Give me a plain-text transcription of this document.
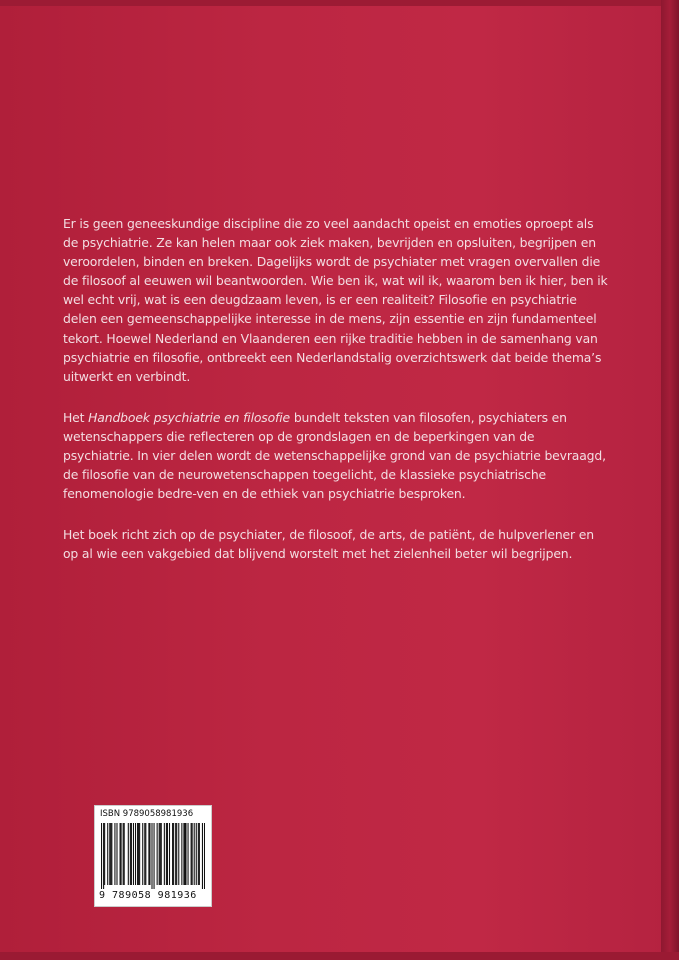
Er is geen geneeskundige discipline die zo veel aandacht opeist en emoties oproept als de psychiatrie. Ze kan helen maar ook ziek maken, bevrijden en opsluiten, begrijpen en veroordelen, binden en breken. Dagelijks wordt de psychiater met vragen overvallen die de filosoof al eeuwen wil beantwoorden. Wie ben ik, wat wil ik, waarom ben ik hier, ben ik wel echt vrij, wat is een deugdzaam leven, is er een realiteit? Filosofie en psychiatrie delen een gemeenschappelijke interesse in de mens, zijn essentie en zijn fundamenteel tekort. Hoewel Nederland en Vlaanderen een rijke traditie hebben in de samenhang van psychiatrie en filosofie, ontbreekt een Nederlandstalig overzichtswerk dat beide thema’s uitwerkt en verbindt.

Het Handboek psychiatrie en filosofie bundelt teksten van filosofen, psychiaters en wetenschappers die reflecteren op de grondslagen en de beperkingen van de psychiatrie. In vier delen wordt de wetenschappelijke grond van de psychiatrie bevraagd, de filosofie van de neurowetenschappen toegelicht, de klassieke psychiatrische fenomenologie bedre-ven en de ethiek van psychiatrie besproken.

Het boek richt zich op de psychiater, de filosoof, de arts, de patiënt, de hulpverlener en op al wie een vakgebied dat blijvend worstelt met het zielenheil beter wil begrijpen.

ISBN 9789058981936
9 789058 981936
